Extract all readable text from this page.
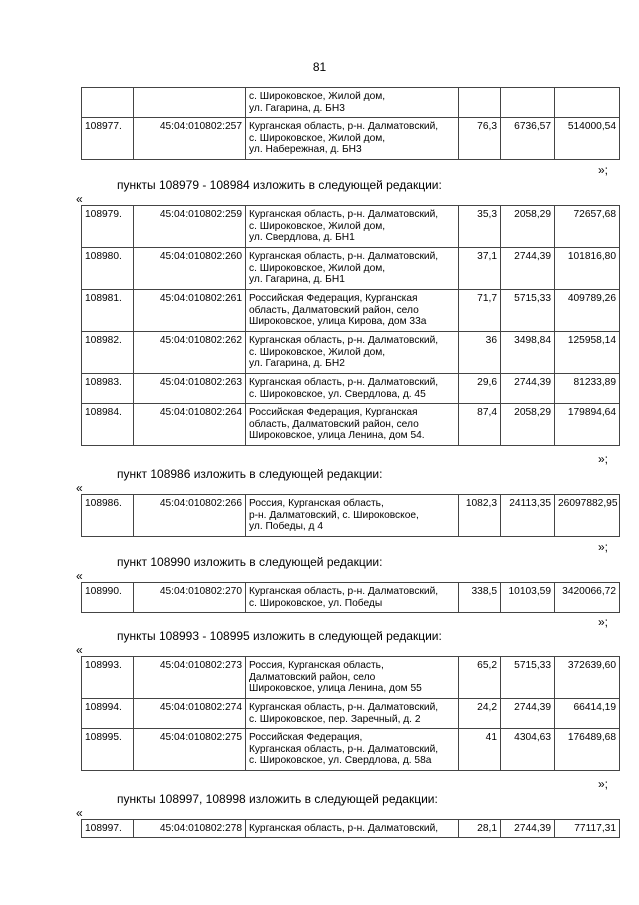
81
		с. Широковское, Жилой дом,
ул. Гагарина, д. БН3			
108977.	45:04:010802:257	Курганская область, р-н. Далматовский,
с. Широковское, Жилой дом,
ул. Набережная, д. БН3	76,3	6736,57	514000,54
»;
пункты 108979 - 108984 изложить в следующей редакции:
«
108979.	45:04:010802:259	Курганская область, р-н. Далматовский,
с. Широковское, Жилой дом,
ул. Свердлова, д. БН1	35,3	2058,29	72657,68
108980.	45:04:010802:260	Курганская область, р-н. Далматовский,
с. Широковское, Жилой дом,
ул. Гагарина, д. БН1	37,1	2744,39	101816,80
108981.	45:04:010802:261	Российская Федерация, Курганская
область, Далматовский район, село
Широковское, улица Кирова, дом 33а	71,7	5715,33	409789,26
108982.	45:04:010802:262	Курганская область, р-н. Далматовский,
с. Широковское, Жилой дом,
ул. Гагарина, д. БН2	36	3498,84	125958,14
108983.	45:04:010802:263	Курганская область, р-н. Далматовский,
с. Широковское, ул. Свердлова, д. 45	29,6	2744,39	81233,89
108984.	45:04:010802:264	Российская Федерация, Курганская
область, Далматовский район, село
Широковское, улица Ленина, дом 54.	87,4	2058,29	179894,64
»;
пункт 108986 изложить в следующей редакции:
«
108986.	45:04:010802:266	Россия, Курганская область,
р-н. Далматовский, с. Широковское,
ул. Победы, д 4	1082,3	24113,35	26097882,95
»;
пункт 108990 изложить в следующей редакции:
«
108990.	45:04:010802:270	Курганская область, р-н. Далматовский,
с. Широковское, ул. Победы	338,5	10103,59	3420066,72
»;
пункты 108993 - 108995 изложить в следующей редакции:
«
108993.	45:04:010802:273	Россия, Курганская область,
Далматовский район, село
Широковское, улица Ленина, дом 55	65,2	5715,33	372639,60
108994.	45:04:010802:274	Курганская область, р-н. Далматовский,
с. Широковское, пер. Заречный, д. 2	24,2	2744,39	66414,19
108995.	45:04:010802:275	Российская Федерация,
Курганская область, р-н. Далматовский,
с. Широковское, ул. Свердлова, д. 58а	41	4304,63	176489,68
»;
пункты 108997, 108998 изложить в следующей редакции:
«
108997.	45:04:010802:278	Курганская область, р-н. Далматовский,	28,1	2744,39	77117,31
